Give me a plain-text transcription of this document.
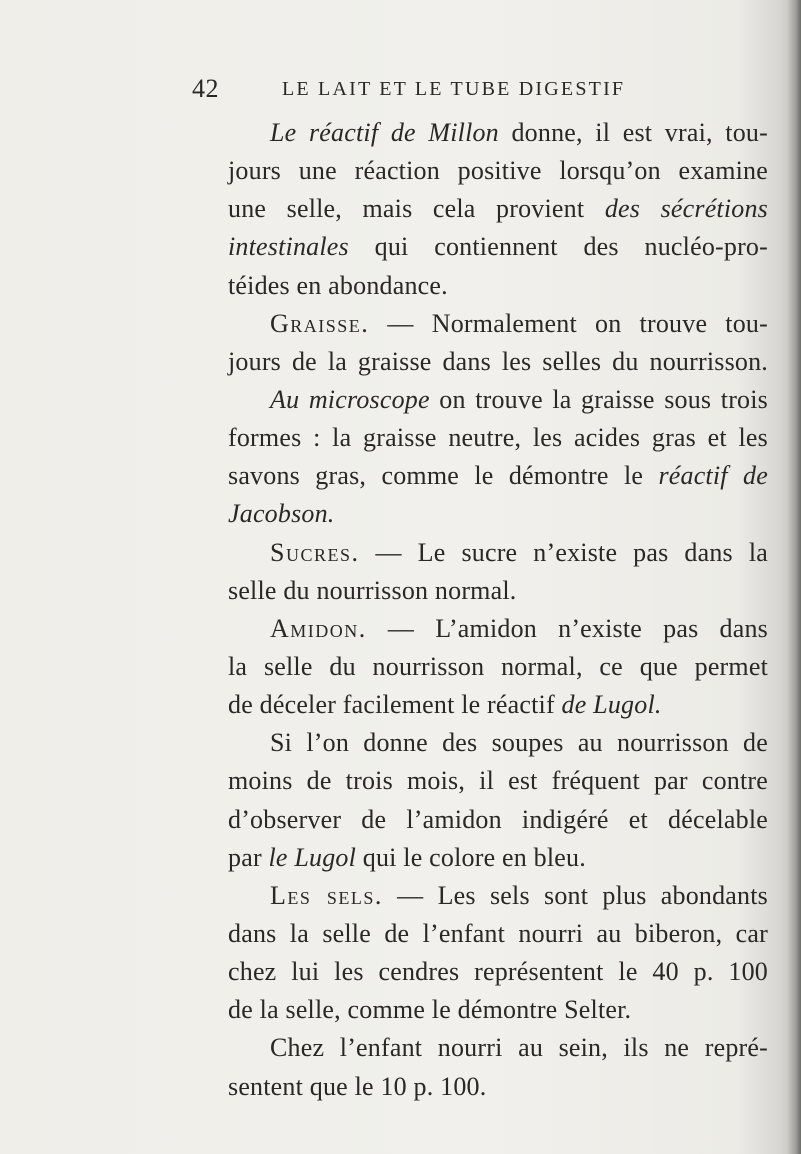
42	LE LAIT ET LE TUBE DIGESTIF
Le réactif de Millon donne, il est vrai, tou-
jours une réaction positive lorsqu’on examine
une selle, mais cela provient des sécrétions
intestinales qui contiennent des nucléo-pro-
téides en abondance.
Graisse. — Normalement on trouve tou-
jours de la graisse dans les selles du nourrisson.
Au microscope on trouve la graisse sous trois
formes : la graisse neutre, les acides gras et les
savons gras, comme le démontre le réactif de
Jacobson.
Sucres. — Le sucre n’existe pas dans la
selle du nourrisson normal.
Amidon. — L’amidon n’existe pas dans
la selle du nourrisson normal, ce que permet
de déceler facilement le réactif de Lugol.
Si l’on donne des soupes au nourrisson de
moins de trois mois, il est fréquent par contre
d’observer de l’amidon indigéré et décelable
par le Lugol qui le colore en bleu.
Les sels. — Les sels sont plus abondants
dans la selle de l’enfant nourri au biberon, car
chez lui les cendres représentent le 40 p. 100
de la selle, comme le démontre Selter.
Chez l’enfant nourri au sein, ils ne repré-
sentent que le 10 p. 100.
